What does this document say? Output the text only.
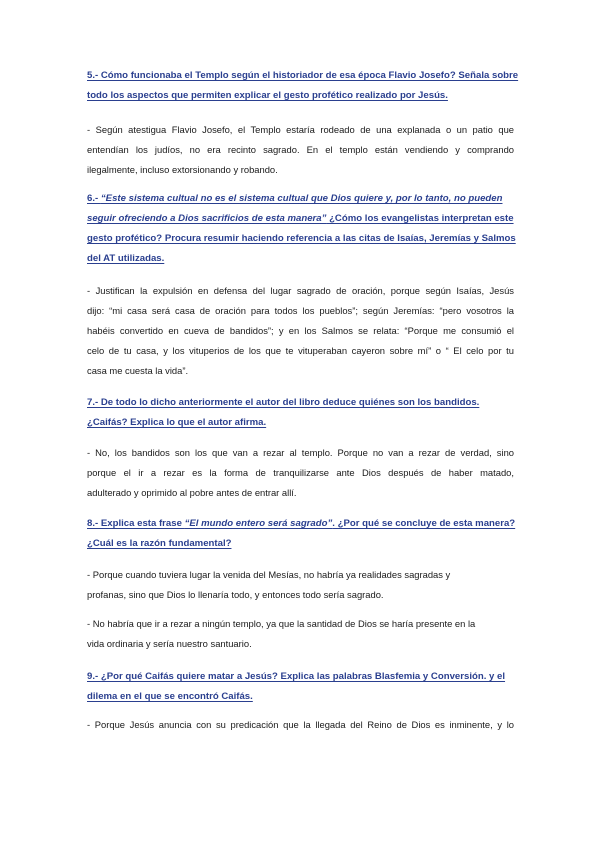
5.- Cómo funcionaba el Templo según el historiador de esa época Flavio Josefo? Señala sobre
todo los aspectos que permiten explicar el gesto profético realizado por Jesús.
- Según atestigua Flavio Josefo, el Templo estaría rodeado de una explanada o un patio que
entendían los judíos, no era recinto sagrado. En el templo están vendiendo y comprando
ilegalmente, incluso extorsionando y robando.
6.- “Este sistema cultual no es el sistema cultual que Dios quiere y, por lo tanto, no pueden
seguir ofreciendo a Dios sacrificios de esta manera” ¿Cómo los evangelistas interpretan este
gesto profético? Procura resumir haciendo referencia a las citas de Isaías, Jeremías y Salmos
del AT utilizadas.
- Justifican la expulsión en defensa del lugar sagrado de oración, porque según Isaías, Jesús
dijo: “mi casa será casa de oración para todos los pueblos”; según Jeremías: “pero vosotros la
habéis convertido en cueva de bandidos”; y en los Salmos se relata: “Porque me consumió el
celo de tu casa, y los vituperios de los que te vituperaban cayeron sobre mí” o “ El celo por tu
casa me cuesta la vida”.
7.- De todo lo dicho anteriormente el autor del libro deduce quiénes son los bandidos.
¿Caifás? Explica lo que el autor afirma.
- No, los bandidos son los que van a rezar al templo. Porque no van a rezar de verdad, sino
porque el ir a rezar es la forma de tranquilizarse ante Dios después de haber matado,
adulterado y oprimido al pobre antes de entrar allí.
8.- Explica esta frase “El mundo entero será sagrado”. ¿Por qué se concluye de esta manera?
¿Cuál es la razón fundamental?
- Porque cuando tuviera lugar la venida del Mesías, no habría ya realidades sagradas y
profanas, sino que Dios lo llenaría todo, y entonces todo sería sagrado.
- No habría que ir a rezar a ningún templo, ya que la santidad de Dios se haría presente en la
vida ordinaria y sería nuestro santuario.
9.- ¿Por qué Caifás quiere matar a Jesús? Explica las palabras Blasfemia y Conversión. y el
dilema en el que se encontró Caifás.
- Porque Jesús anuncia con su predicación que la llegada del Reino de Dios es inminente, y lo
